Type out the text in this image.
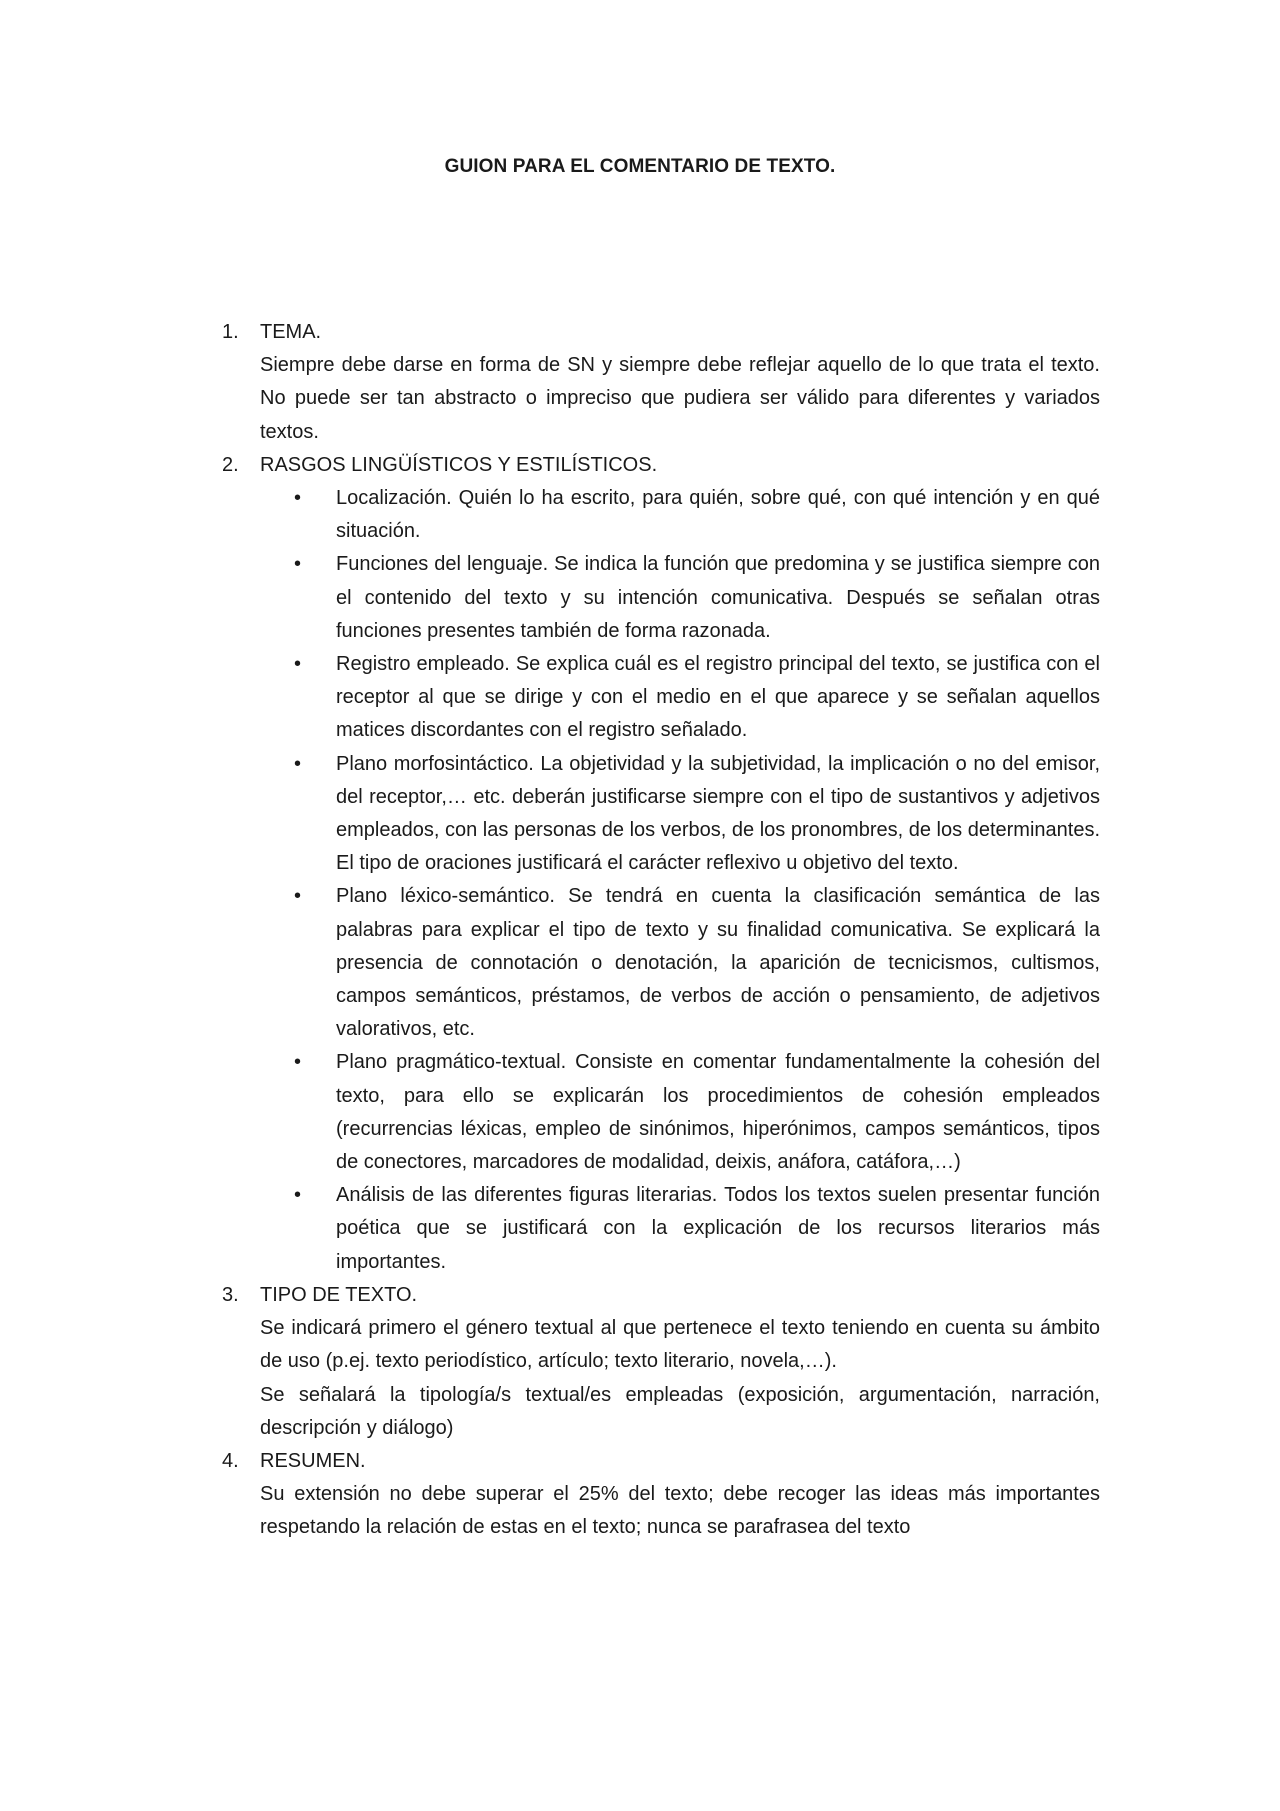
GUION PARA EL COMENTARIO DE TEXTO.
1. TEMA.
Siempre debe darse en forma de SN y siempre debe reflejar aquello de lo que trata el texto. No puede ser tan abstracto o impreciso que pudiera ser válido para diferentes y variados textos.
2. RASGOS LINGÜÍSTICOS Y ESTILÍSTICOS.
• Localización. Quién lo ha escrito, para quién, sobre qué, con qué intención y en qué situación.
• Funciones del lenguaje. Se indica la función que predomina y se justifica siempre con el contenido del texto y su intención comunicativa. Después se señalan otras funciones presentes también de forma razonada.
• Registro empleado. Se explica cuál es el registro principal del texto, se justifica con el receptor al que se dirige y con el medio en el que aparece y se señalan aquellos matices discordantes con el registro señalado.
• Plano morfosintáctico. La objetividad y la subjetividad, la implicación o no del emisor, del receptor,… etc. deberán justificarse siempre con el tipo de sustantivos y adjetivos empleados, con las personas de los verbos, de los pronombres, de los determinantes. El tipo de oraciones justificará el carácter reflexivo u objetivo del texto.
• Plano léxico-semántico. Se tendrá en cuenta la clasificación semántica de las palabras para explicar el tipo de texto y su finalidad comunicativa. Se explicará la presencia de connotación o denotación, la aparición de tecnicismos, cultismos, campos semánticos, préstamos, de verbos de acción o pensamiento, de adjetivos valorativos, etc.
• Plano pragmático-textual. Consiste en comentar fundamentalmente la cohesión del texto, para ello se explicarán los procedimientos de cohesión empleados (recurrencias léxicas, empleo de sinónimos, hiperónimos, campos semánticos, tipos de conectores, marcadores de modalidad, deixis, anáfora, catáfora,…)
• Análisis de las diferentes figuras literarias. Todos los textos suelen presentar función poética que se justificará con la explicación de los recursos literarios más importantes.
3. TIPO DE TEXTO.
Se indicará primero el género textual al que pertenece el texto teniendo en cuenta su ámbito de uso (p.ej. texto periodístico, artículo; texto literario, novela,…).
Se señalará la tipología/s textual/es empleadas (exposición, argumentación, narración, descripción y diálogo)
4. RESUMEN.
Su extensión no debe superar el 25% del texto; debe recoger las ideas más importantes respetando la relación de estas en el texto; nunca se parafrasea del texto
